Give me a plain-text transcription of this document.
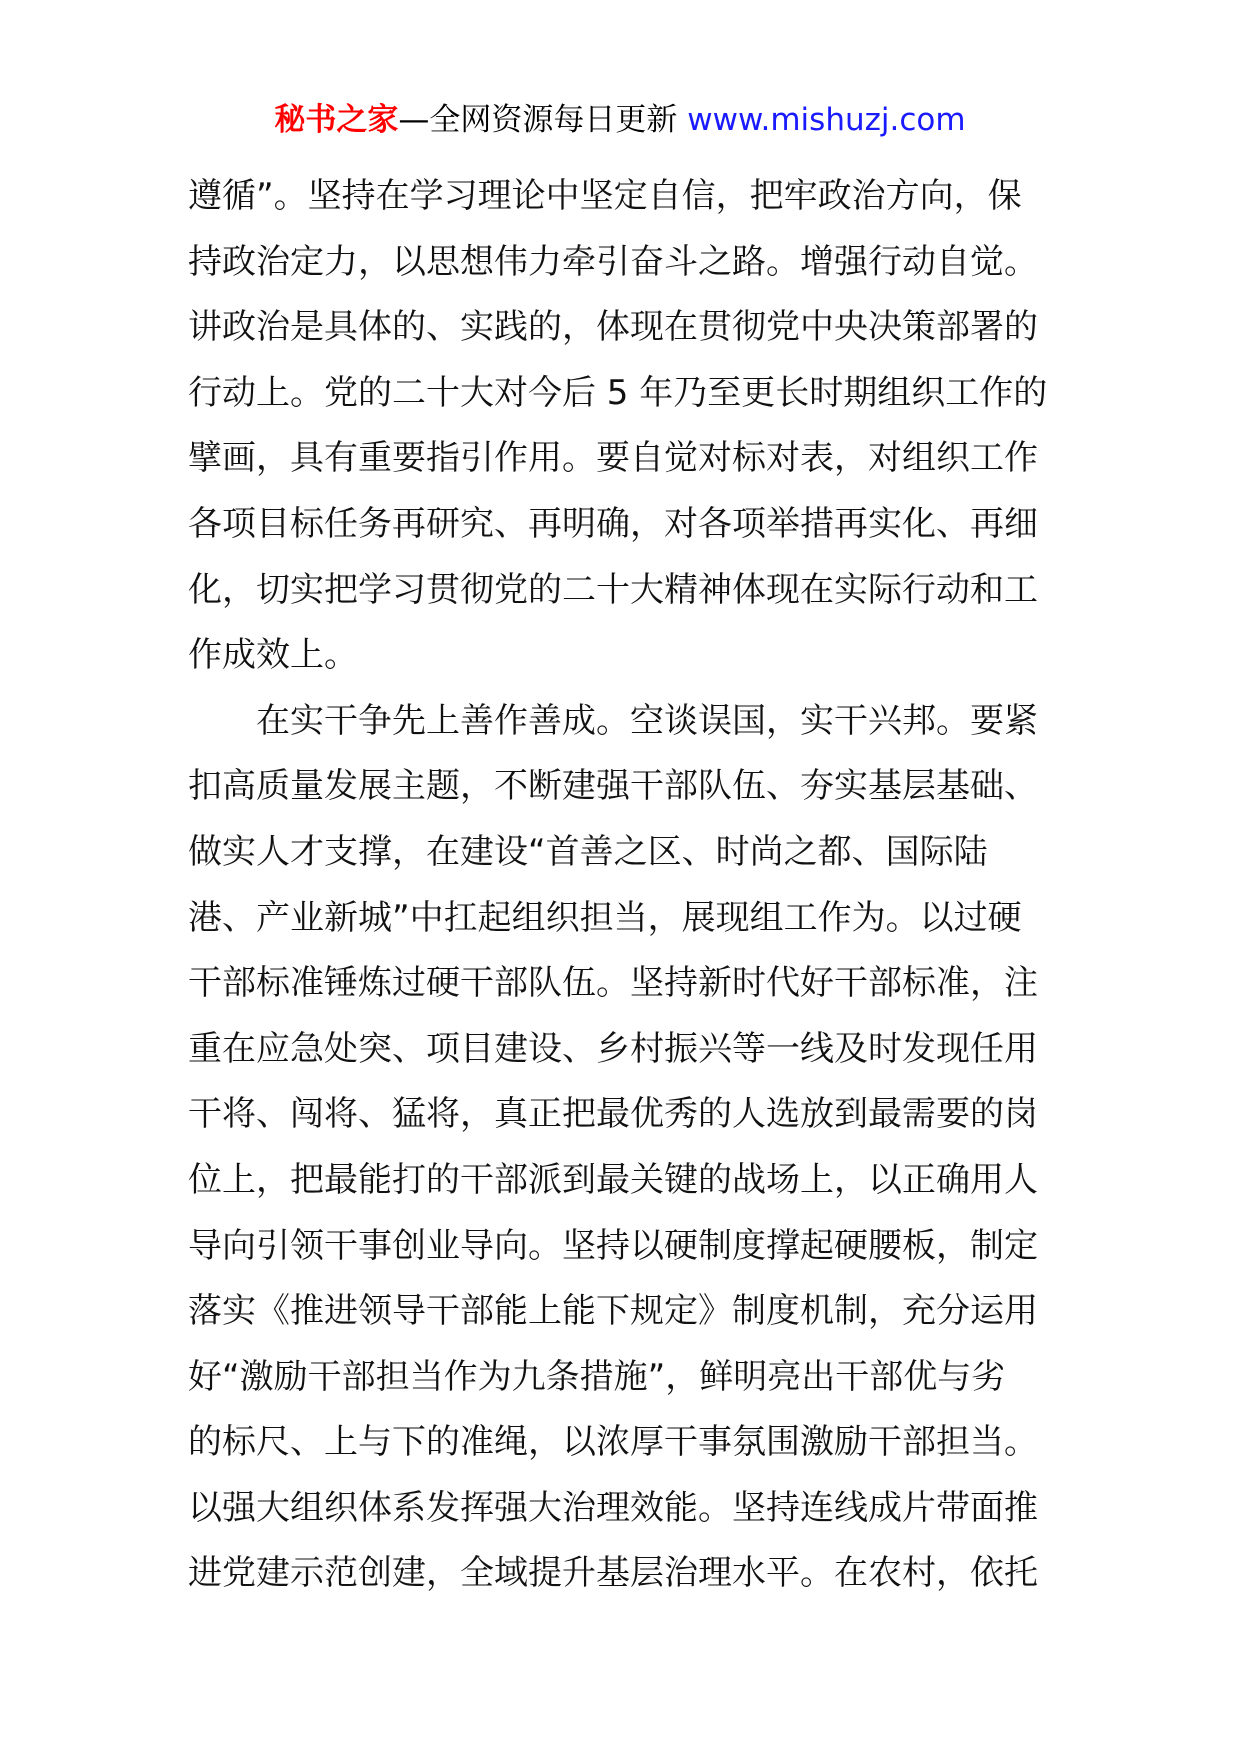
秘书之家—全网资源每日更新 www.mishuzj.com
遵循”。坚持在学习理论中坚定自信，把牢政治方向，保
持政治定力，以思想伟力牵引奋斗之路。增强行动自觉。
讲政治是具体的、实践的，体现在贯彻党中央决策部署的
行动上。党的二十大对今后 5 年乃至更长时期组织工作的
擘画，具有重要指引作用。要自觉对标对表，对组织工作
各项目标任务再研究、再明确，对各项举措再实化、再细
化，切实把学习贯彻党的二十大精神体现在实际行动和工
作成效上。
在实干争先上善作善成。空谈误国，实干兴邦。要紧
扣高质量发展主题，不断建强干部队伍、夯实基层基础、
做实人才支撑，在建设“首善之区、时尚之都、国际陆
港、产业新城”中扛起组织担当，展现组工作为。以过硬
干部标准锤炼过硬干部队伍。坚持新时代好干部标准，注
重在应急处突、项目建设、乡村振兴等一线及时发现任用
干将、闯将、猛将，真正把最优秀的人选放到最需要的岗
位上，把最能打的干部派到最关键的战场上，以正确用人
导向引领干事创业导向。坚持以硬制度撑起硬腰板，制定
落实《推进领导干部能上能下规定》制度机制，充分运用
好“激励干部担当作为九条措施”，鲜明亮出干部优与劣
的标尺、上与下的准绳，以浓厚干事氛围激励干部担当。
以强大组织体系发挥强大治理效能。坚持连线成片带面推
进党建示范创建，全域提升基层治理水平。在农村，依托
